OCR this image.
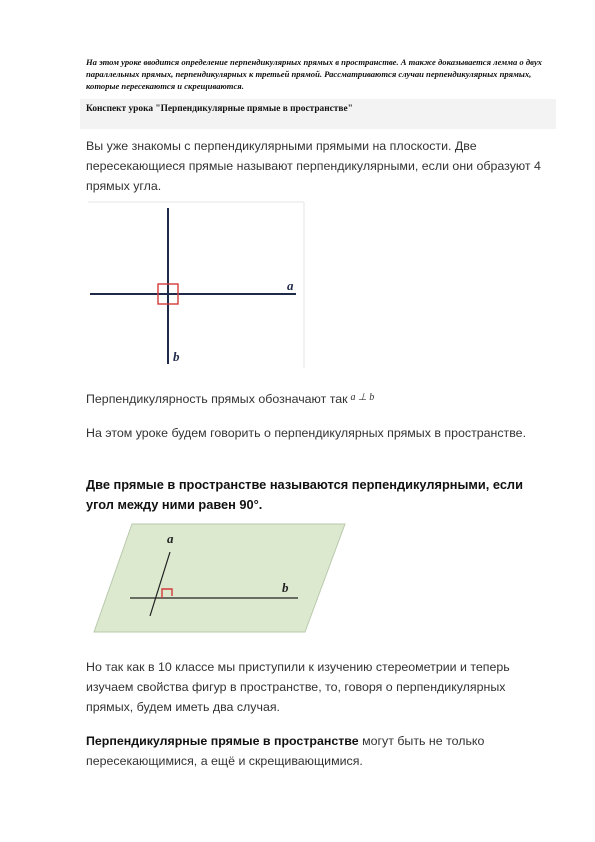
На этом уроке вводится определение перпендикулярных прямых в пространстве. А также доказывается лемма о двух параллельных прямых, перпендикулярных к третьей прямой. Рассматриваются случаи перпендикулярных прямых, которые пересекаются и скрещиваются.
Конспект урока "Перпендикулярные прямые в пространстве"
Вы уже знакомы с перпендикулярными прямыми на плоскости. Две пересекающиеся прямые называют перпендикулярными, если они образуют 4 прямых угла.
a
b
Перпендикулярность прямых обозначают так a ⊥ b
На этом уроке будем говорить о перпендикулярных прямых в пространстве.
Две прямые в пространстве называются перпендикулярными, если угол между ними равен 90°.
a
b
Но так как в 10 классе мы приступили к изучению стереометрии и теперь изучаем свойства фигур в пространстве, то, говоря о перпендикулярных прямых, будем иметь два случая.
Перпендикулярные прямые в пространстве могут быть не только пересекающимися, а ещё и скрещивающимися.
